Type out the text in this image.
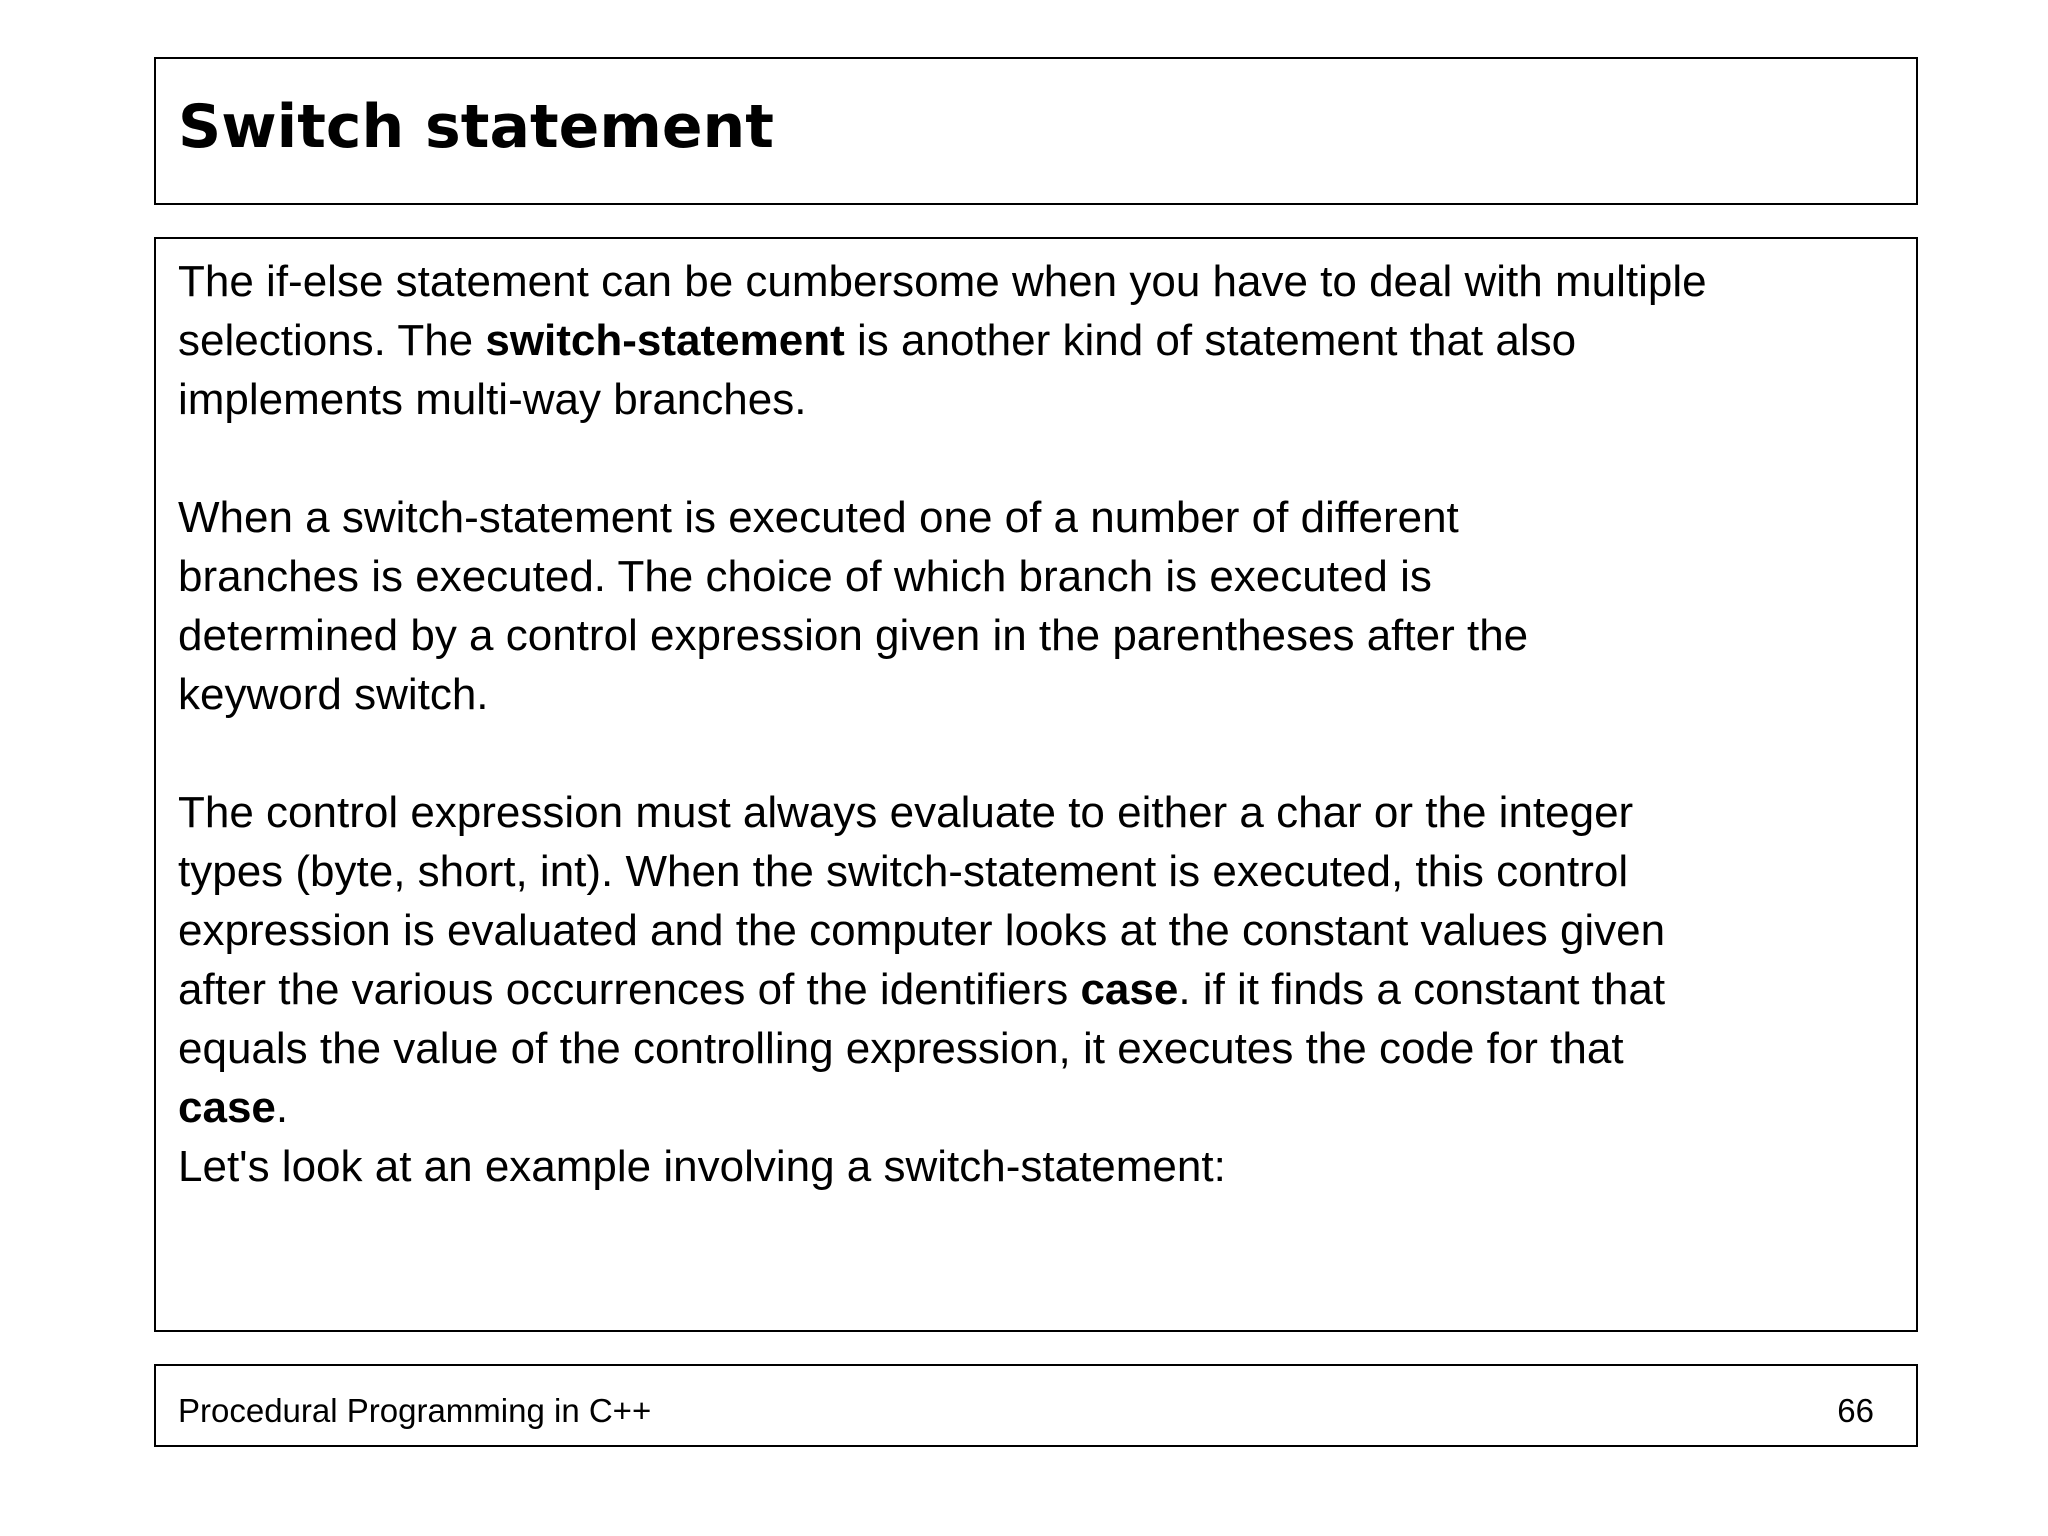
Switch statement

The if-else statement can be cumbersome when you have to deal with multiple
selections. The switch-statement is another kind of statement that also
implements multi-way branches.

When a switch-statement is executed one of a number of different
branches is executed. The choice of which branch is executed is
determined by a control expression given in the parentheses after the
keyword switch.

The control expression must always evaluate to either a char or the integer
types (byte, short, int). When the switch-statement is executed, this control
expression is evaluated and the computer looks at the constant values given
after the various occurrences of the identifiers case. if it finds a constant that
equals the value of the controlling expression, it executes the code for that
case.
Let's look at an example involving a switch-statement:

Procedural Programming in C++	66
